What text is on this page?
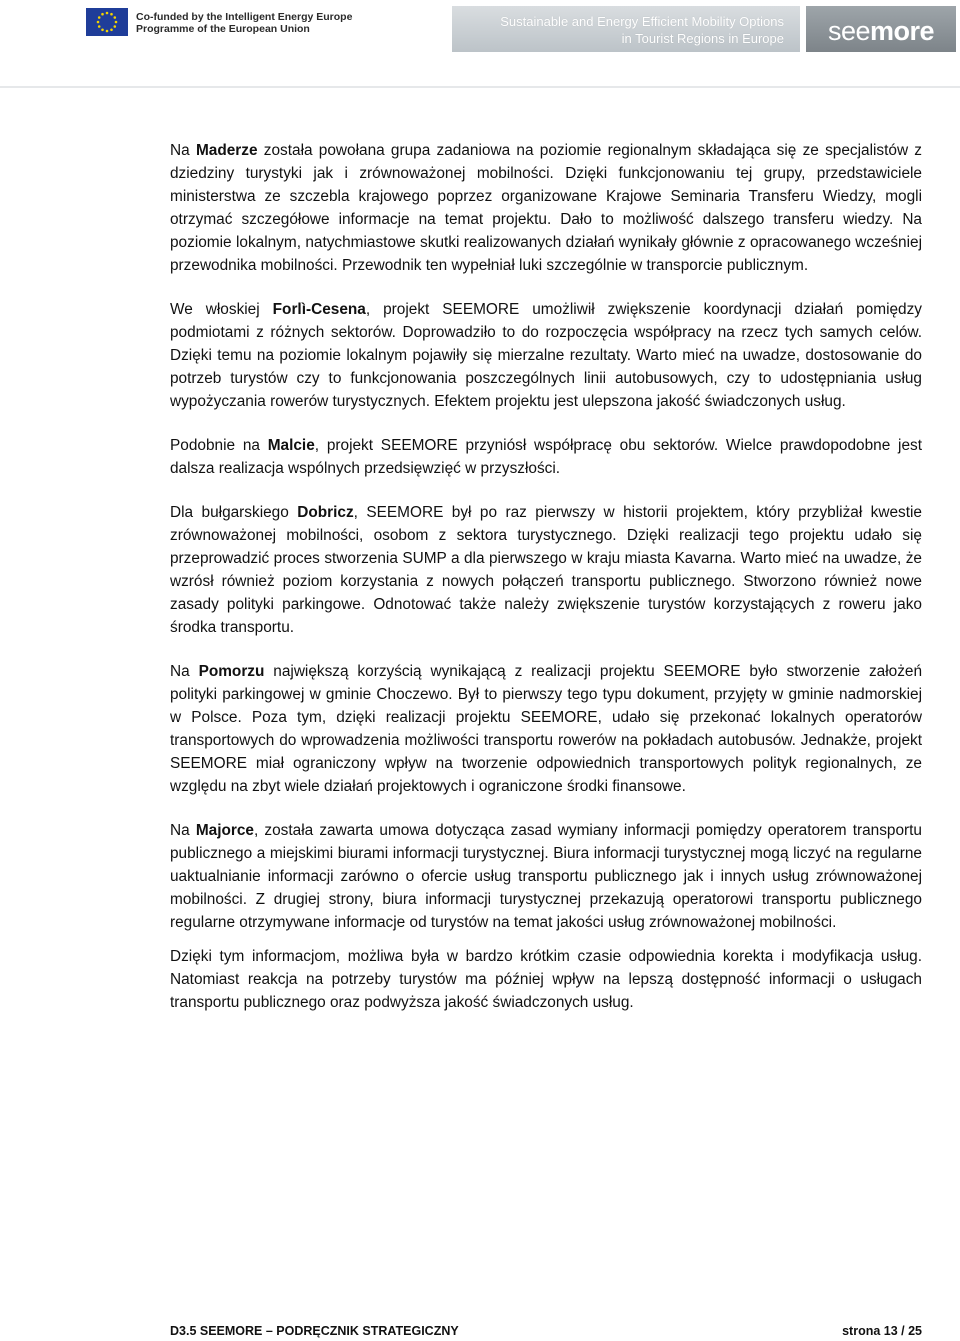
Co-funded by the Intelligent Energy Europe
Programme of the European Union	Sustainable and Energy Efficient Mobility Options
in Tourist Regions in Europe seemore

Na Maderze została powołana grupa zadaniowa na poziomie regionalnym składająca się ze specjalistów z dziedziny turystyki jak i zrównoważonej mobilności. Dzięki funkcjonowaniu tej grupy, przedstawiciele ministerstwa ze szczebla krajowego poprzez organizowane Krajowe Seminaria Transferu Wiedzy, mogli otrzymać szczegółowe informacje na temat projektu. Dało to możliwość dalszego transferu wiedzy. Na poziomie lokalnym, natychmiastowe skutki realizowanych działań wynikały głównie z opracowanego wcześniej przewodnika mobilności. Przewodnik ten wypełniał luki szczególnie w transporcie publicznym.

We włoskiej Forlì-Cesena, projekt SEEMORE umożliwił zwiększenie koordynacji działań pomiędzy podmiotami z różnych sektorów. Doprowadziło to do rozpoczęcia współpracy na rzecz tych samych celów. Dzięki temu na poziomie lokalnym pojawiły się mierzalne rezultaty. Warto mieć na uwadze, dostosowanie do potrzeb turystów czy to funkcjonowania poszczególnych linii autobusowych, czy to udostępniania usług wypożyczania rowerów turystycznych. Efektem projektu jest ulepszona jakość świadczonych usług.

Podobnie na Malcie, projekt SEEMORE przyniósł współpracę obu sektorów. Wielce prawdopodobne jest dalsza realizacja wspólnych przedsięwzięć w przyszłości.

Dla bułgarskiego Dobricz, SEEMORE był po raz pierwszy w historii projektem, który przybliżał kwestie zrównoważonej mobilności, osobom z sektora turystycznego. Dzięki realizacji tego projektu udało się przeprowadzić proces stworzenia SUMP a dla pierwszego w kraju miasta Kavarna. Warto mieć na uwadze, że wzrósł również poziom korzystania z nowych połączeń transportu publicznego. Stworzono również nowe zasady polityki parkingowe. Odnotować także należy zwiększenie turystów korzystających z roweru jako środka transportu.

Na Pomorzu największą korzyścią wynikającą z realizacji projektu SEEMORE było stworzenie założeń polityki parkingowej w gminie Choczewo. Był to pierwszy tego typu dokument, przyjęty w gminie nadmorskiej w Polsce. Poza tym, dzięki realizacji projektu SEEMORE, udało się przekonać lokalnych operatorów transportowych do wprowadzenia możliwości transportu rowerów na pokładach autobusów. Jednakże, projekt SEEMORE miał ograniczony wpływ na tworzenie odpowiednich transportowych polityk regionalnych, ze względu na zbyt wiele działań projektowych i ograniczone środki finansowe.

Na Majorce, została zawarta umowa dotycząca zasad wymiany informacji pomiędzy operatorem transportu publicznego a miejskimi biurami informacji turystycznej. Biura informacji turystycznej mogą liczyć na regularne uaktualnianie informacji zarówno o ofercie usług transportu publicznego jak i innych usług zrównoważonej mobilności. Z drugiej strony, biura informacji turystycznej przekazują operatorowi transportu publicznego regularne otrzymywane informacje od turystów na temat jakości usług zrównoważonej mobilności.

Dzięki tym informacjom, możliwa była w bardzo krótkim czasie odpowiednia korekta i modyfikacja usług. Natomiast reakcja na potrzeby turystów ma później wpływ na lepszą dostępność informacji o usługach transportu publicznego oraz podwyższa jakość świadczonych usług.

D3.5 SEEMORE – PODRĘCZNIK STRATEGICZNY	strona 13 / 25
